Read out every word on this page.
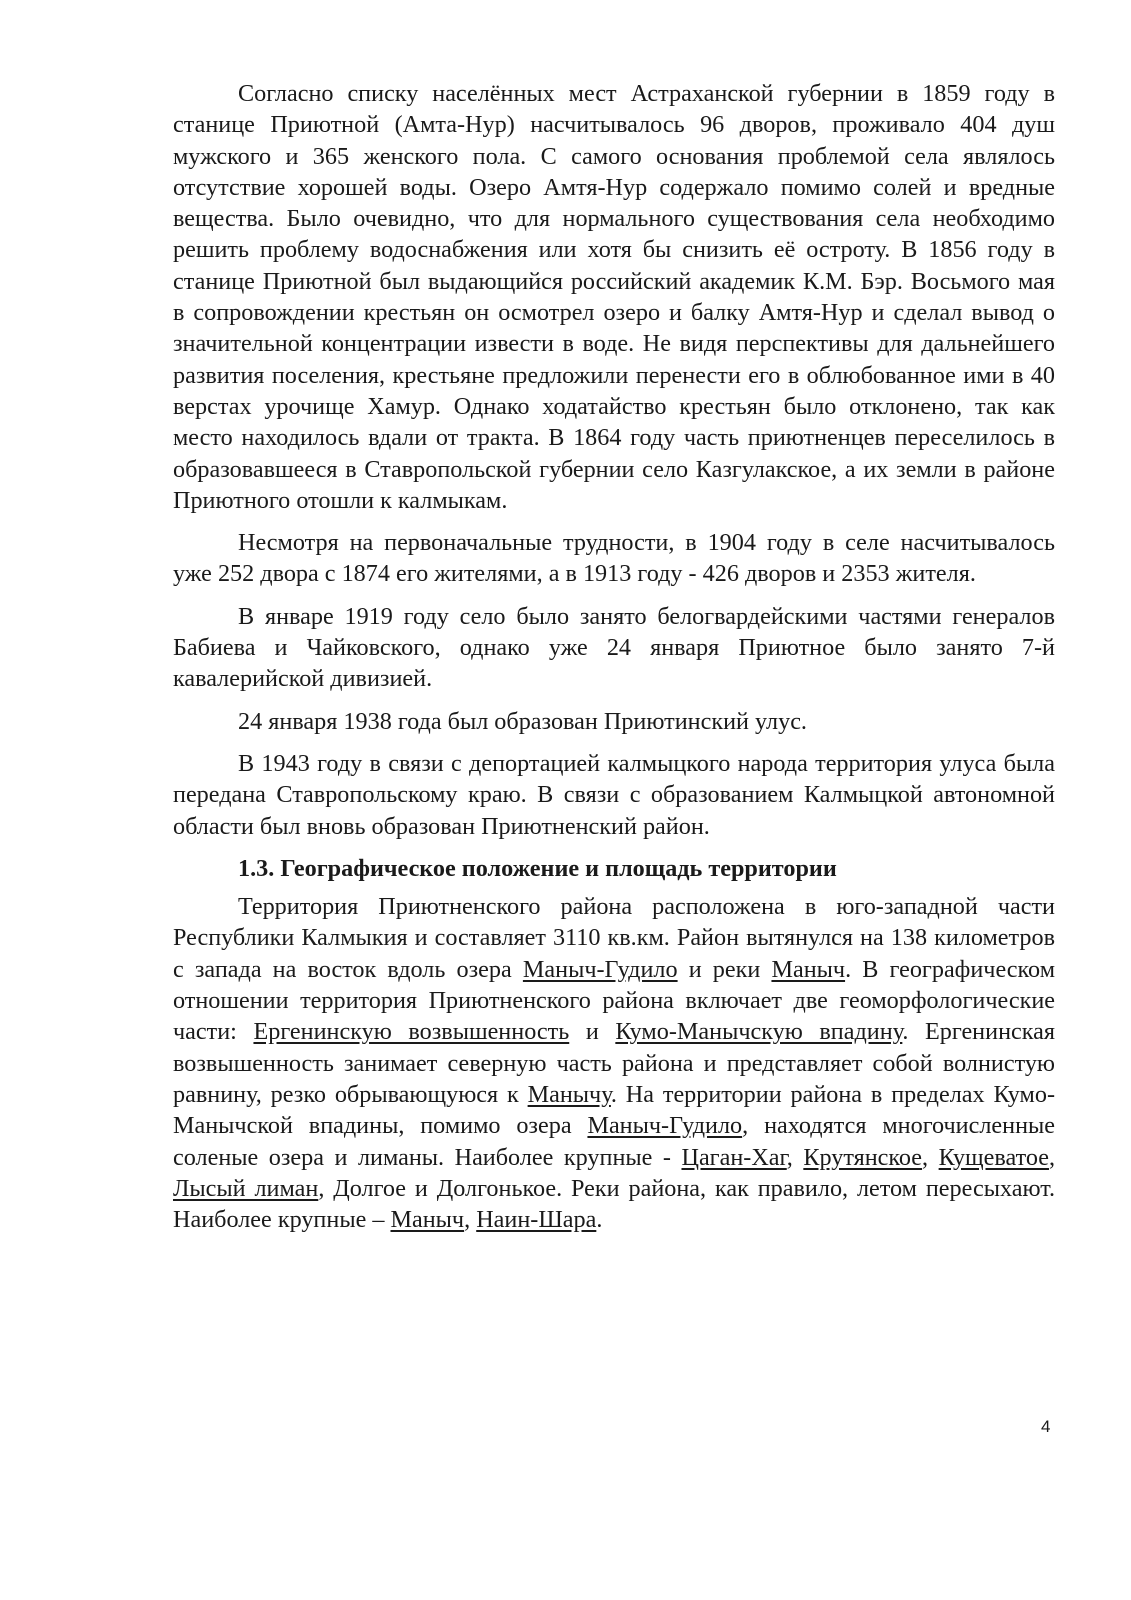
Согласно списку населённых мест Астраханской губернии в 1859 году в станице Приютной (Амта-Нур) насчитывалось 96 дворов, проживало 404 душ мужского и 365 женского пола. С самого основания проблемой села являлось отсутствие хорошей воды. Озеро Амтя-Нур содержало помимо солей и вредные вещества. Было очевидно, что для нормального существования села необходимо решить проблему водоснабжения или хотя бы снизить её остроту. В 1856 году в станице Приютной был выдающийся российский академик К.М. Бэр. Восьмого мая в сопровождении крестьян он осмотрел озеро и балку Амтя-Нур и сделал вывод о значительной концентрации извести в воде. Не видя перспективы для дальнейшего развития поселения, крестьяне предложили перенести его в облюбованное ими в 40 верстах урочище Хамур. Однако ходатайство крестьян было отклонено, так как место находилось вдали от тракта. В 1864 году часть приютненцев переселилось в образовавшееся в Ставропольской губернии село Казгулакское, а их земли в районе Приютного отошли к калмыкам.

Несмотря на первоначальные трудности, в 1904 году в селе насчитывалось уже 252 двора с 1874 его жителями, а в 1913 году - 426 дворов и 2353 жителя.

В январе 1919 году село было занято белогвардейскими частями генералов Бабиева и Чайковского, однако уже 24 января Приютное было занято 7-й кавалерийской дивизией.

24 января 1938 года был образован Приютинский улус.

В 1943 году в связи с депортацией калмыцкого народа территория улуса была передана Ставропольскому краю. В связи с образованием Калмыцкой автономной области был вновь образован Приютненский район.

1.3. Географическое положение и площадь территории

Территория Приютненского района расположена в юго-западной части Республики Калмыкия и составляет 3110 кв.км. Район вытянулся на 138 километров с запада на восток вдоль озера Маныч-Гудило и реки Маныч. В географическом отношении территория Приютненского района включает две геоморфологические части: Ергенинскую возвышенность и Кумо-Манычскую впадину. Ергенинская возвышенность занимает северную часть района и представляет собой волнистую равнину, резко обрывающуюся к Манычу. На территории района в пределах Кумо-Манычской впадины, помимо озера Маныч-Гудило, находятся многочисленные соленые озера и лиманы. Наиболее крупные - Цаган-Хаг, Крутянское, Кущеватое, Лысый лиман, Долгое и Долгонькое. Реки района, как правило, летом пересыхают. Наиболее крупные – Маныч, Наин-Шара.

4
